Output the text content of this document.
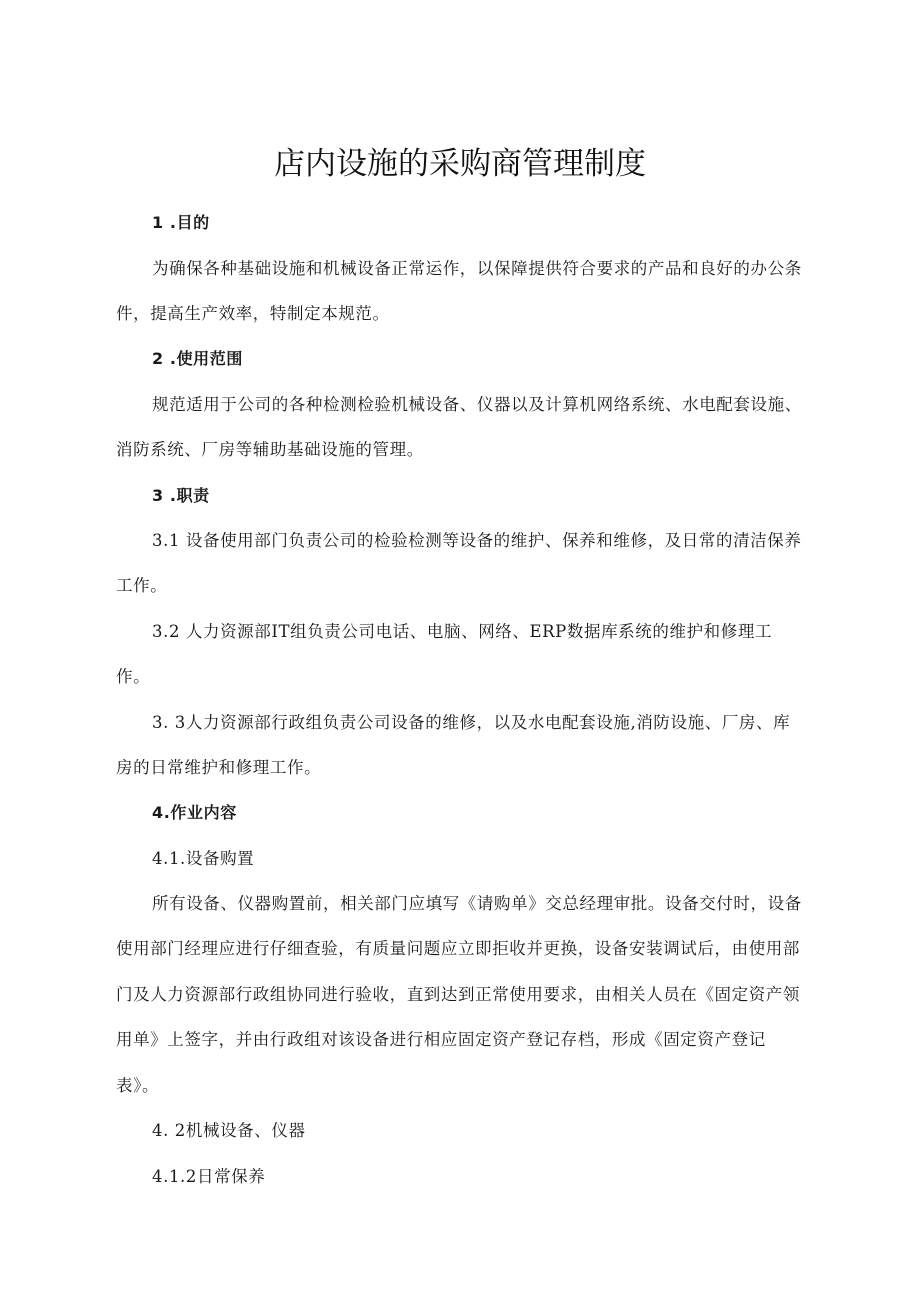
店内设施的采购商管理制度

1 .目的

为确保各种基础设施和机械设备正常运作，以保障提供符合要求的产品和良好的办公条

件，提高生产效率，特制定本规范。

2 .使用范围

规范适用于公司的各种检测检验机械设备、仪器以及计算机网络系统、水电配套设施、

消防系统、厂房等辅助基础设施的管理。

3 .职责

3.1 设备使用部门负责公司的检验检测等设备的维护、保养和维修，及日常的清洁保养

工作。

3.2 人力资源部IT组负责公司电话、电脑、网络、ERP数据库系统的维护和修理工

作。

3. 3人力资源部行政组负责公司设备的维修，以及水电配套设施,消防设施、厂房、库

房的日常维护和修理工作。

4.作业内容

4.1.设备购置

所有设备、仪器购置前，相关部门应填写《请购单》交总经理审批。设备交付时，设备

使用部门经理应进行仔细查验，有质量问题应立即拒收并更换，设备安装调试后，由使用部

门及人力资源部行政组协同进行验收，直到达到正常使用要求，由相关人员在《固定资产领

用单》上签字，并由行政组对该设备进行相应固定资产登记存档，形成《固定资产登记

表》。

4. 2机械设备、仪器

4.1.2日常保养
